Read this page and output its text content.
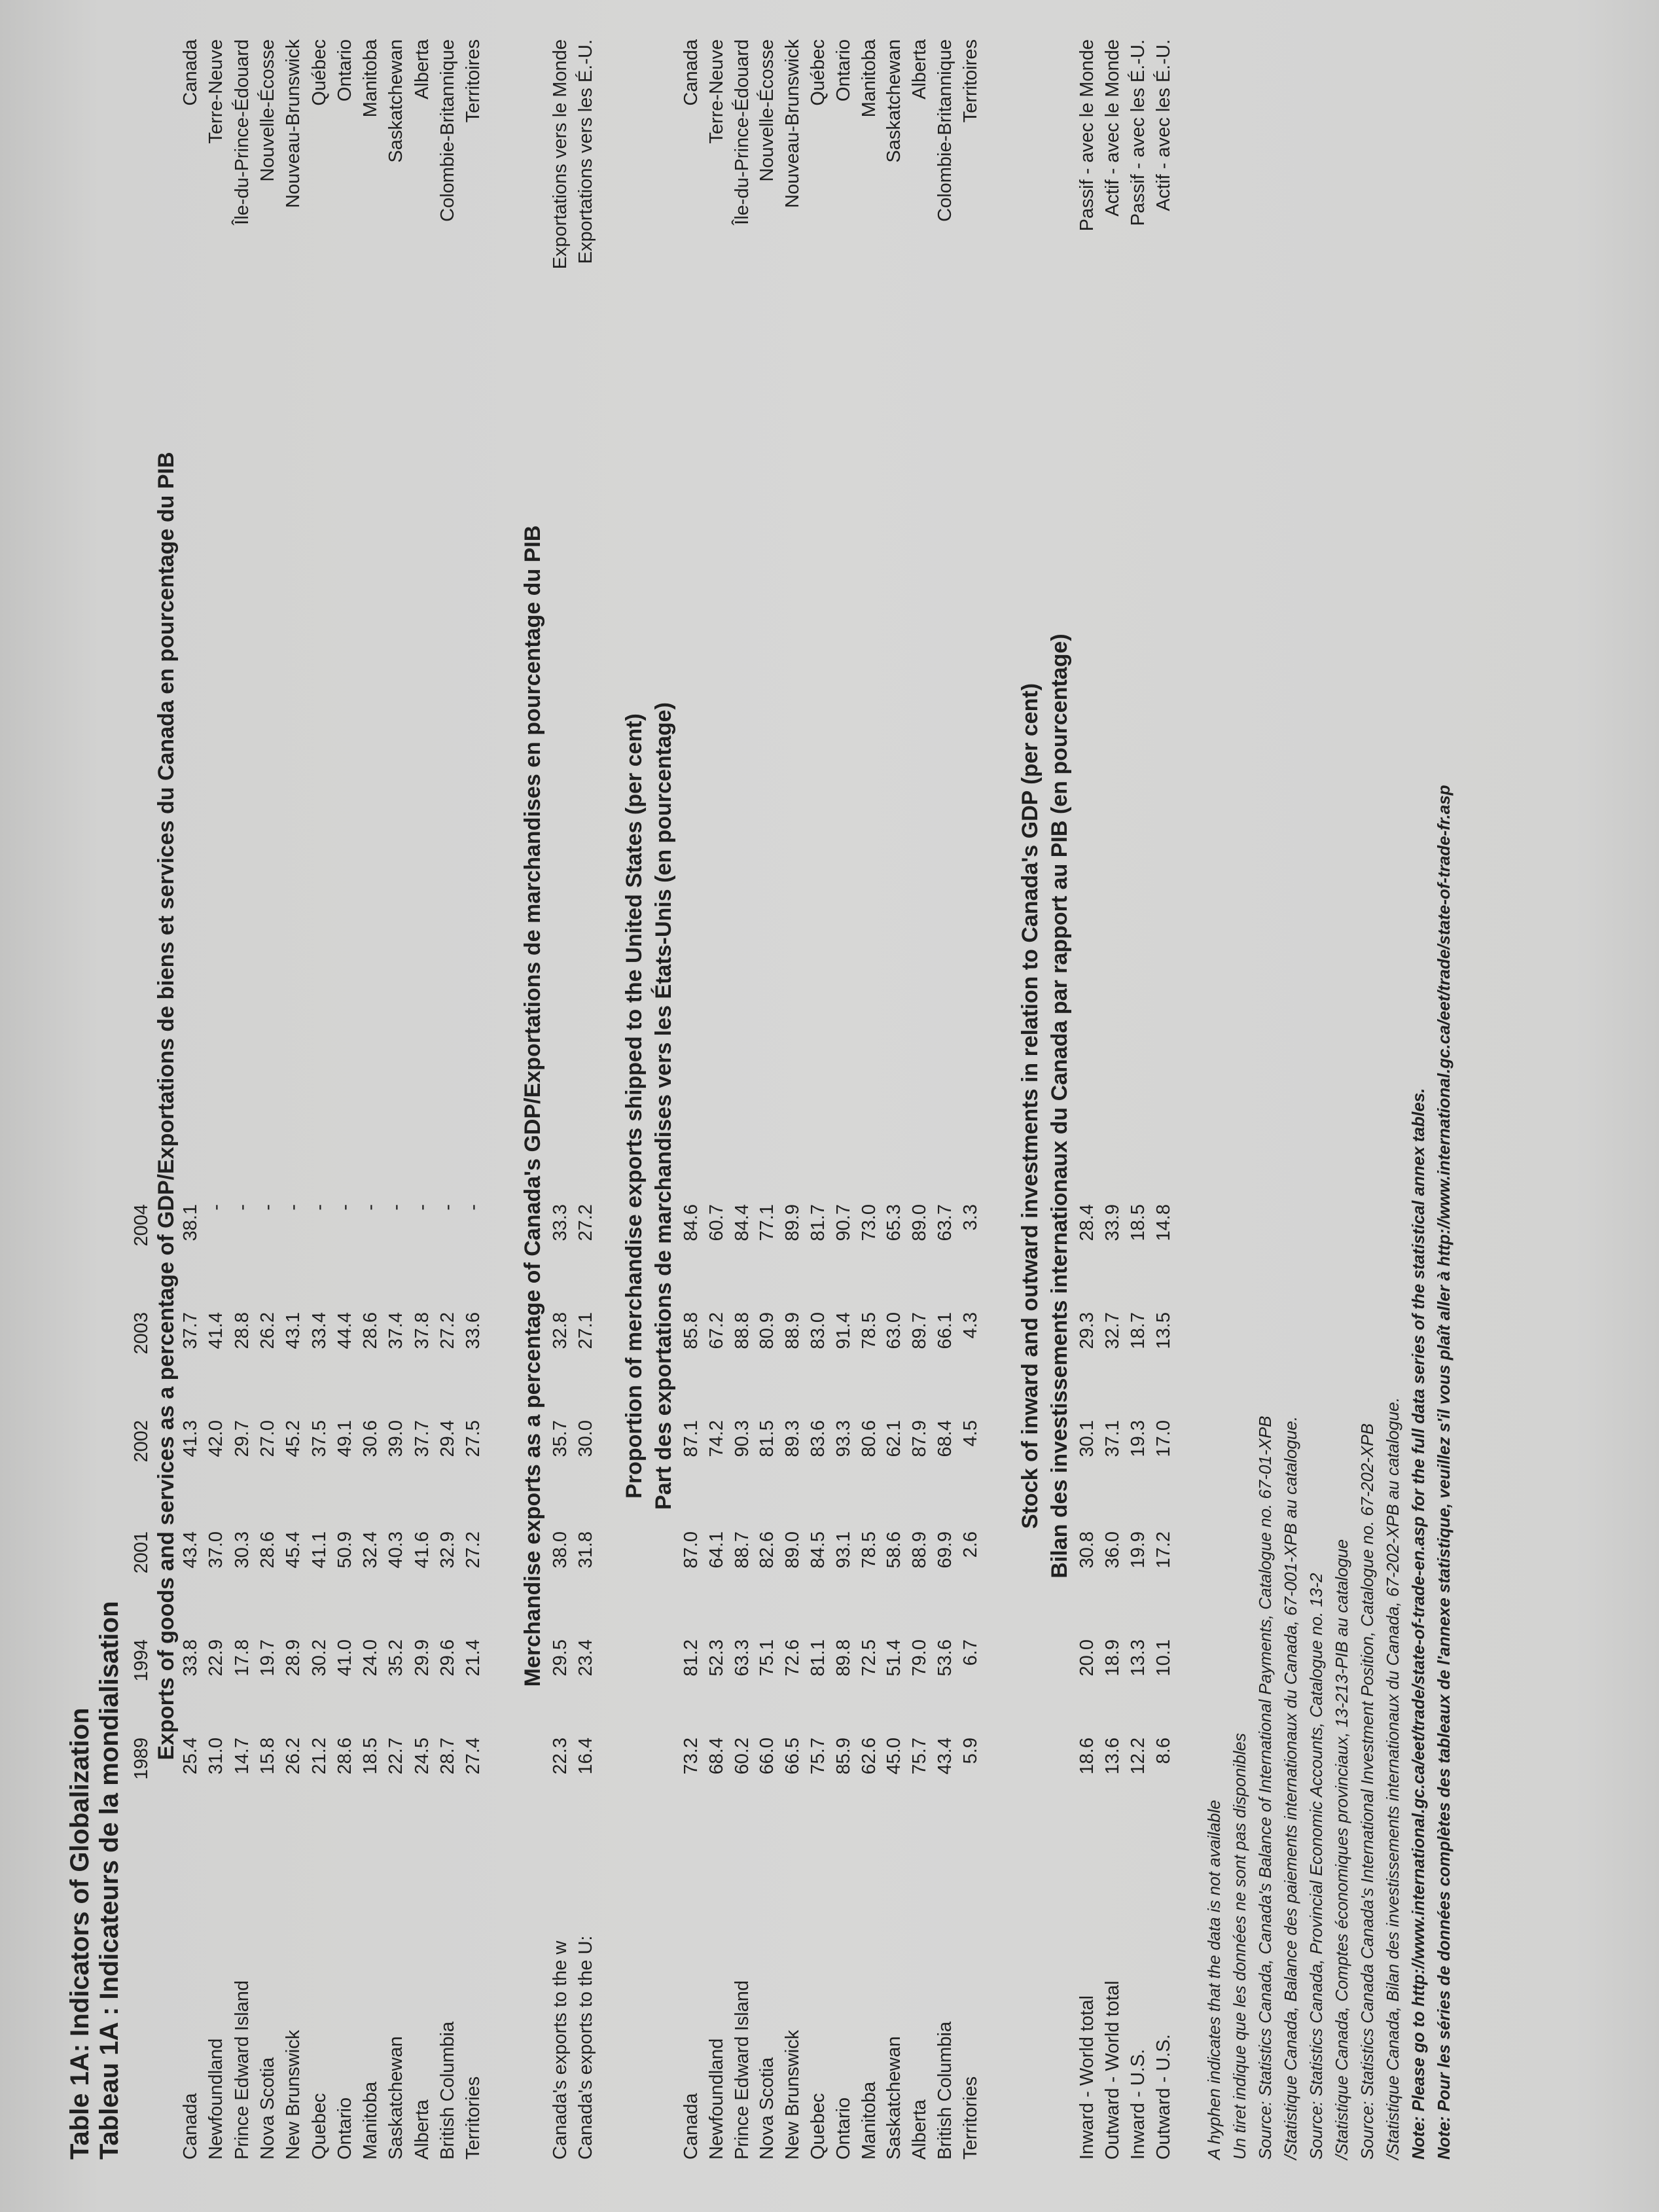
Table 1A: Indicators of Globalization Tableau 1A : Indicateurs de la mondialisation 1989
1994
2001
2002
2003
2004 Exports of goods and services as a percentage of GDP/Exportations de biens et services du Canada en pourcentage du PIB
Canada
25.4
33.8
43.4
41.3
37.7
38.1
Canada
Newfoundland
31.0
22.9
37.0
42.0
41.4
-
Terre-Neuve
Prince Edward Island
14.7
17.8
30.3
29.7
28.8
-
Île-du-Prince-Édouard
Nova Scotia
15.8
19.7
28.6
27.0
26.2
-
Nouvelle-Écosse
New Brunswick
26.2
28.9
45.4
45.2
43.1
-
Nouveau-Brunswick
Quebec
21.2
30.2
41.1
37.5
33.4
-
Québec
Ontario
28.6
41.0
50.9
49.1
44.4
-
Ontario
Manitoba
18.5
24.0
32.4
30.6
28.6
-
Manitoba
Saskatchewan
22.7
35.2
40.3
39.0
37.4
-
Saskatchewan
Alberta
24.5
29.9
41.6
37.7
37.8
-
Alberta
British Columbia
28.7
29.6
32.9
29.4
27.2
-
Colombie-Britannique
Territories
27.4
21.4
27.2
27.5
33.6
-
Territoires
Merchandise exports as a percentage of Canada's GDP/Exportations de marchandises en pourcentage du PIB
Canada's exports to the w
22.3
29.5
38.0
35.7
32.8
33.3
Exportations vers le Monde
Canada's exports to the U:
16.4
23.4
31.8
30.0
27.1
27.2
Exportations vers les É.-U.
Proportion of merchandise exports shipped to the United States (per cent) Part des exportations de marchandises vers les États-Unis (en pourcentage)
Canada
73.2
81.2
87.0
87.1
85.8
84.6
Canada
Newfoundland
68.4
52.3
64.1
74.2
67.2
60.7
Terre-Neuve
Prince Edward Island
60.2
63.3
88.7
90.3
88.8
84.4
Île-du-Prince-Édouard
Nova Scotia
66.0
75.1
82.6
81.5
80.9
77.1
Nouvelle-Écosse
New Brunswick
66.5
72.6
89.0
89.3
88.9
89.9
Nouveau-Brunswick
Quebec
75.7
81.1
84.5
83.6
83.0
81.7
Québec
Ontario
85.9
89.8
93.1
93.3
91.4
90.7
Ontario
Manitoba
62.6
72.5
78.5
80.6
78.5
73.0
Manitoba
Saskatchewan
45.0
51.4
58.6
62.1
63.0
65.3
Saskatchewan
Alberta
75.7
79.0
88.9
87.9
89.7
89.0
Alberta
British Columbia
43.4
53.6
69.9
68.4
66.1
63.7
Colombie-Britannique
Territories
5.9
6.7
2.6
4.5
4.3
3.3
Territoires
Stock of inward and outward investments in relation to Canada's GDP (per cent) Bilan des investissements internationaux du Canada par rapport au PIB (en pourcentage)
Inward - World total
18.6
20.0
30.8
30.1
29.3
28.4
Passif - avec le Monde
Outward - World total
13.6
18.9
36.0
37.1
32.7
33.9
Actif - avec le Monde
Inward - U.S.
12.2
13.3
19.9
19.3
18.7
18.5
Passif - avec les É.-U.
Outward - U.S.
8.6
10.1
17.2
17.0
13.5
14.8
Actif - avec les É.-U.
A hyphen indicates that the data is not available Un tiret indique que les données ne sont pas disponibles Source: Statistics Canada, Canada's Balance of International Payments, Catalogue no. 67-01-XPB /Statistique Canada, Balance des paiements internationaux du Canada, 67-001-XPB au catalogue. Source: Statistics Canada, Provincial Economic Accounts, Catalogue no. 13-2 /Statistique Canada, Comptes économiques provinciaux, 13-213-PIB au catalogue Source: Statistics Canada Canada's International Investment Position, Catalogue no. 67-202-XPB /Statistique Canada, Bilan des investissements internationaux du Canada, 67-202-XPB au catalogue. Note: Please go to http://www.international.gc.ca/eet/trade/state-of-trade-en.asp for the full data series of the statistical annex tables. Note: Pour les séries de données complètes des tableaux de l'annexe statistique, veuillez s'il vous plaît aller à http://www.international.gc.ca/eet/trade/state-of-trade-fr.asp
